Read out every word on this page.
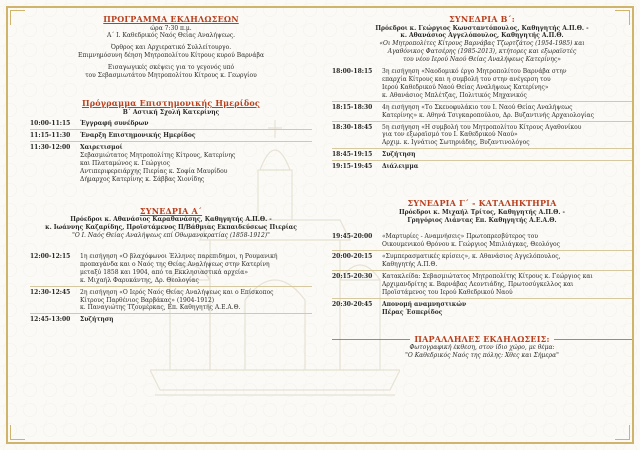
ΠΡΟΓΡΑΜΜΑ ΕΚΔΗΛΩΣΕΩΝ
ώρα 7:30 π.μ.
Α΄ Ι. Καθεδρικός Ναός Θείας Αναλήψεως.
Όρθρος και Αρχιερατικό Συλλείτουργο.
Επιμνημόσυνη δέηση Μητροπολίτου Κίτρους κυρού Βαρνάβα
Εισαγωγικές σκέψεις για το γεγονός υπό
του Σεβασμιωτάτου Μητροπολίτου Κίτρους κ. Γεωργίου
Πρόγραμμα Επιστημονικής Ημερίδος
Β΄ Αστική Σχολή Κατερίνης
10:00-11:15	Έγγραφή συνέδρων
11:15-11:30	Έναρξη Επιστημονικής Ημερίδος
11:30-12:00	Χαιρετισμοί
Σεβασμιώτατος Μητροπολίτης Κίτρους, Κατερίνης
και Πλαταμώνος κ. Γεώργιος
Αντιπεριφερειάρχης Πιερίας κ. Σοφία Μαυρίδου
Δήμαρχος Κατερίνης κ. Σάββας Χιονίδης
ΣΥΝΕΔΡΙΑ Α΄
Πρόεδροι κ. Αθανάσιος Καραθανάσης, Καθηγητής Α.Π.Θ. -
κ. Ιωάννης Καζαρίδης, Προϊστάμενος Π/Βάθμιας Εκπαιδεύσεως Πιερίας
"Ο Ι. Ναός Θείας Αναλήψεως επί Οθωμανοκρατίας (1858-1912)"
12:00-12:15	1η εισήγηση «Ο βλαχόφωνοι Έλληνες παρεπιδημοι, η Ρουμανική
προπαγάνδα και ο Ναός της Θείας Αναλήψεως στην Κατερίνη
μεταξύ 1858 και 1904, από τα Εκκλησιαστικά αρχεία»
κ. Μιχαήλ Φαρυκάντης, Δρ. Θεολογίας
12:30-12:45	2η εισήγηση «Ο Ιερός Ναός Θείας Αναλήψεως και ο Επίσκοπος
Κίτρους Παρθένιος Βαρβάκας» (1904-1912)
κ. Παναγιώτης Τζουμέρκας, Επ. Καθηγητής Α.Ε.Α.Θ.
12:45-13:00	Συζήτηση
ΣΥΝΕΔΡΙΑ Β΄:
Πρόεδροι κ. Γεώργιος Κωνσταντόπουλος, Καθηγητής Α.Π.Θ. -
κ. Αθανάσιος Αγγελόπουλος, Καθηγητής Α.Π.Θ.
«Οι Μητροπολίτες Κίτρους Βαρνάβας Τζωρτζάτος (1954-1985) και
Αγαθόνικος Φατσέρης (1985-2013), κτήτορες και εξωραϊστές
του νέου Ιερού Ναού Θείας Αναλήψεως Κατερίνης»
18:00-18:15	3η εισήγηση «Ναοδομικό έργο Μητροπολίτου Βαρνάβα στην
επαρχία Κίτρους και η συμβολή του στην ανέγερση του
Ιερού Καθεδρικού Ναού Θείας Αναλήψεως Κατερίνης»
κ. Αθανάσιος Μπλέτζας, Πολιτικός Μηχανικός
18:15-18:30	4η εισήγηση «Το Σκευοφυλάκιο του Ι. Ναού Θείας Αναλήψεως
Κατερίνης» κ. Αθηνά Τσιγκαροπούλου, Δρ. Βυζαντινής Αρχαιολογίας
18:30-18:45	5η εισήγηση «Η συμβολή του Μητροπολίτου Κίτρους Αγαθονίκου
για τον εξωραϊσμό του Ι. Καθεδρικού Ναού»
Αρχιμ. κ. Ιγνάτιος Σωτηριάδης, Βυζαντινολόγος
18:45-19:15	Συζήτηση
19:15-19:45	Διάλειμμα
ΣΥΝΕΔΡΙΑ Γ΄ - ΚΑΤΑΛΗΚΤΗΡΙΑ
Πρόεδροι κ. Μιχαήλ Τρίτος, Καθηγητής Α.Π.Θ. -
Γρηγόριος Λιάντας Επ. Καθηγητής Α.Ε.Α.Θ.
19:45-20:00	«Μαρτυρίες - Αναμνήσεις» Πρωτοπρεσβύτερος του
Οικουμενικού Θρόνου κ. Γεώργιος Μπιλιάγκας, Θεολόγος
20:00-20:15	«Συμπερασματικές κρίσεις», κ. Αθανάσιος Αγγελόπουλος,
Καθηγητής Α.Π.Θ.
20:15-20:30	Κατακλείδα: Σεβασμιώτατος Μητροπολίτης Κίτρους κ. Γεώργιος και
Αρχιμανδρίτης κ. Βαρνάβας Λεοντιάδης, Πρωτοσύγκελλος και
Προϊστάμενος του Ιερού Καθεδρικού Ναού
20:30-20:45	Απονομή αναμνηστικών
Πέρας Έσπερίδος
ΠΑΡΑΛΛΗΛΕΣ ΕΚΔΗΛΩΣΕΙΣ:
Φωτογραφική έκθεση, στον ίδιο χώρο, με θέμα:
"Ο Καθεδρικός Ναός της πόλης: Χθες και Σήμερα"
